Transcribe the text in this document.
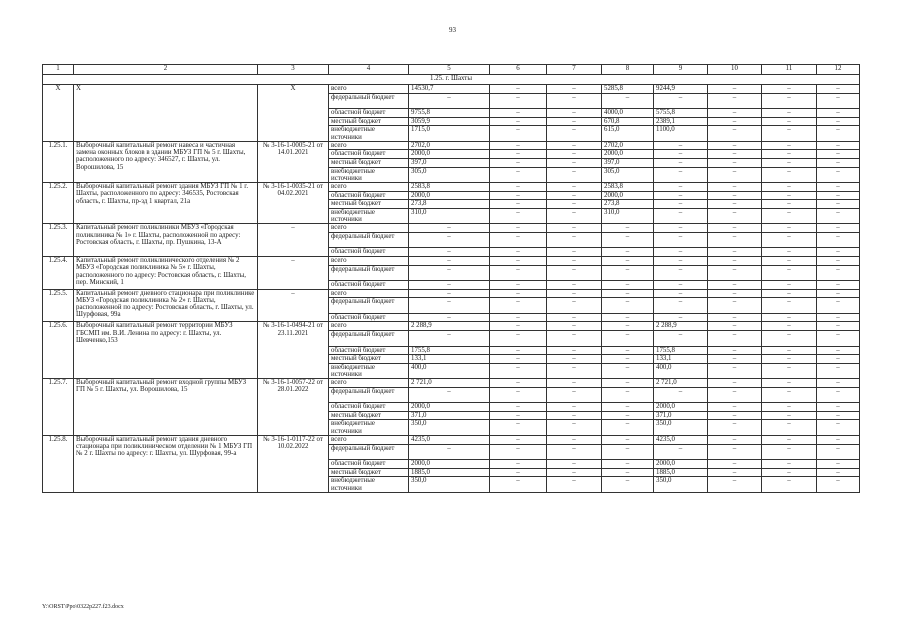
93
1	2	3	4	5	6	7	8	9	10	11	12
1.25. г. Шахты											
Х	Х	Х	всего	14530,7	–	–	5285,8	9244,9	–	–	–
			федеральный бюджет	–	–	–	–	–	–	–	–
			областной бюджет	9755,8	–	–	4000,0	5755,8	–	–	–
			местный бюджет	3059,9	–	–	670,8	2389,1	–	–	–
			внебюджетные источники	1715,0	–	–	615,0	1100,0	–	–	–
1.25.1.	Выборочный капитальный ремонт навеса и частичная замена оконных блоков в здании МБУЗ ГП № 5 г. Шахты, расположенного по адресу: 346527, г. Шахты, ул. Ворошилова, 15	№ 3-16-1-0005-21 от 14.01.2021	всего	2702,0	–	–	2702,0	–	–	–	–
			областной бюджет	2000,0	–	–	2000,0	–	–	–	–
			местный бюджет	397,0	–	–	397,0	–	–	–	–
			внебюджетные источники	305,0	–	–	305,0	–	–	–	–
1.25.2.	Выборочный капитальный ремонт здания МБУЗ ГП № 1 г. Шахты, расположенного по адресу: 346535, Ростовская область, г. Шахты, пр-зд 1 квартал, 21а	№ 3-16-1-0035-21 от 04.02.2021	всего	2583,8	–	–	2583,8	–	–	–	–
			областной бюджет	2000,0	–	–	2000,0	–	–	–	–
			местный бюджет	273,8	–	–	273,8	–	–	–	–
			внебюджетные источники	310,0	–	–	310,0	–	–	–	–
1.25.3.	Капитальный ремонт поликлиники МБУЗ «Городская поликлиника № 1» г. Шахты, расположенной по адресу: Ростовская область, г. Шахты, пр. Пушкина, 13-А	–	всего	–	–	–	–	–	–	–	–
			федеральный бюджет	–	–	–	–	–	–	–	–
			областной бюджет	–	–	–	–	–	–	–	–
1.25.4.	Капитальный ремонт поликлинического отделения № 2 МБУЗ «Городская поликлиника № 5» г. Шахты, расположенного по адресу: Ростовская область, г. Шахты, пер. Минский, 1	–	всего	–	–	–	–	–	–	–	–
			федеральный бюджет	–	–	–	–	–	–	–	–
			областной бюджет	–	–	–	–	–	–	–	–
1.25.5.	Капитальный ремонт дневного стационара при поликлинике МБУЗ «Городская поликлиника № 2» г. Шахты, расположенной по адресу: Ростовская область, г. Шахты, ул. Шурфовая, 99а	–	всего	–	–	–	–	–	–	–	–
			федеральный бюджет	–	–	–	–	–	–	–	–
			областной бюджет	–	–	–	–	–	–	–	–
1.25.6.	Выборочный капитальный ремонт территории МБУЗ ГБСМП им. В.И. Ленина по адресу: г. Шахты, ул. Шевченко,153	№ 3-16-1-0494-21 от 23.11.2021	всего	2 288,9	–	–	–	2 288,9	–	–	–
			федеральный бюджет	–	–	–	–	–	–	–	–
			областной бюджет	1755,8	–	–	–	1755,8	–	–	–
			местный бюджет	133,1	–	–	–	133,1	–	–	–
			внебюджетные источники	400,0	–	–	–	400,0	–	–	–
1.25.7.	Выборочный капитальный ремонт входной группы МБУЗ ГП № 5 г. Шахты, ул. Ворошилова, 15	№ 3-16-1-0057-22 от 28.01.2022	всего	2 721,0	–	–	–	2 721,0	–	–	–
			федеральный бюджет	–	–	–	–	–	–	–	–
			областной бюджет	2000,0	–	–	–	2000,0	–	–	–
			местный бюджет	371,0	–	–	–	371,0	–	–	–
			внебюджетные источники	350,0	–	–	–	350,0	–	–	–
1.25.8.	Выборочный капитальный ремонт здания дневного стационара при поликлиническом отделении № 1 МБУЗ ГП № 2 г. Шахты по адресу: г. Шахты, ул. Шурфовая, 99-а	№ 3-16-1-0117-22 от 10.02.2022	всего	4235,0	–	–	–	4235,0	–	–	–
			федеральный бюджет	–	–	–	–	–	–	–	–
			областной бюджет	2000,0	–	–	–	2000,0	–	–	–
			местный бюджет	1885,0	–	–	–	1885,0	–	–	–
			внебюджетные источники	350,0	–	–	–	350,0	–	–	–
Y:\ORST\Ppo\0322p227.f23.docx
